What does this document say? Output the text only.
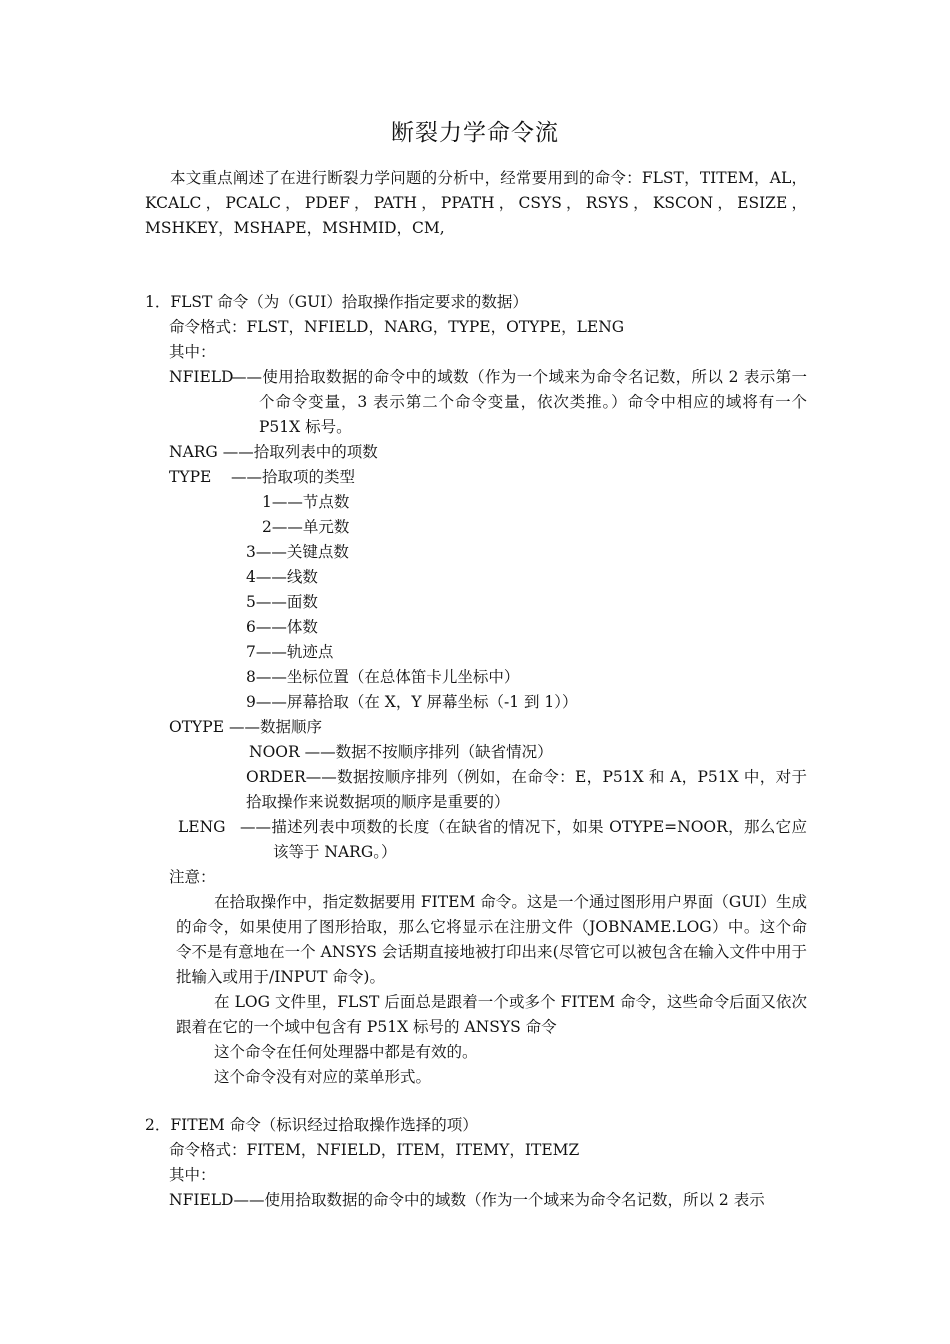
断裂力学命令流

本文重点阐述了在进行断裂力学问题的分析中，经常要用到的命令：FLST，TITEM，AL，KCALC，PCALC，PDEF，PATH，PPATH，CSYS，RSYS，KSCON，ESIZE，MSHKEY，MSHAPE，MSHMID，CM,

1．FLST 命令（为（GUI）拾取操作指定要求的数据）
命令格式：FLST，NFIELD，NARG，TYPE，OTYPE，LENG
其中：
NFIELD

——使用拾取数据的命令中的域数（作为一个域来为命令名记数，所以 2 表示第一个命令变量，3 表示第二个命令变量，依次类推。）命令中相应的域将有一个 P51X 标号。

NARG ——拾取列表中的项数
TYPE    ——拾取项的类型
1——节点数
2——单元数
3——关键点数
4——线数
5——面数
6——体数
7——轨迹点
8——坐标位置（在总体笛卡儿坐标中）
9——屏幕拾取（在 X，Y 屏幕坐标（-1 到 1））
OTYPE ——数据顺序
NOOR ——数据不按顺序排列（缺省情况）

ORDER——数据按顺序排列（例如，在命令：E，P51X 和 A，P51X 中，对于拾取操作来说数据项的顺序是重要的）

LENG ——描述列表中项数的长度（在缺省的情况下，如果 OTYPE=NOOR，那么它应该等于 NARG。）

注意：

在拾取操作中，指定数据要用 FITEM 命令。这是一个通过图形用户界面（GUI）生成的命令，如果使用了图形拾取，那么它将显示在注册文件（JOBNAME.LOG）中。这个命令不是有意地在一个 ANSYS 会话期直接地被打印出来(尽管它可以被包含在输入文件中用于批输入或用于/INPUT 命令)。

在 LOG 文件里，FLST 后面总是跟着一个或多个 FITEM 命令，这些命令后面又依次跟着在它的一个域中包含有 P51X 标号的 ANSYS 命令

这个命令在任何处理器中都是有效的。
这个命令没有对应的菜单形式。
2．FITEM 命令（标识经过拾取操作选择的项）
命令格式：FITEM，NFIELD，ITEM，ITEMY，ITEMZ
其中：
NFIELD——使用拾取数据的命令中的域数（作为一个域来为命令名记数，所以 2 表示
